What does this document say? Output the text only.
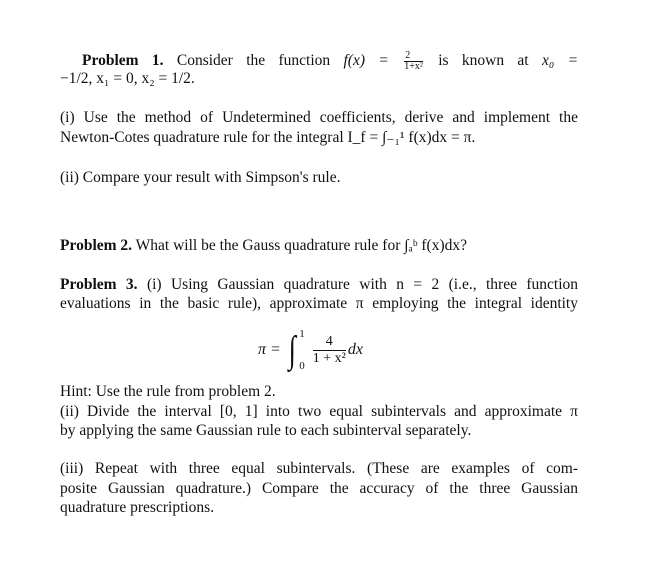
Problem 1. Consider the function $f(x) = \frac{2}{\text{1+x²}}$ is known at x₀ =
−1/2, x₁ = 0, x₂ = 1/2.
(i) Use the method of Undetermined coefficients, derive and implement the
Newton-Cotes quadrature rule for the integral I_f = ∫₋₁¹ f(x)dx = π.
(ii) Compare your result with Simpson's rule.
Problem 2. What will be the Gauss quadrature rule for ∫ₐᵇ f(x)dx?
Problem 3. (i) Using Gaussian quadrature with n = 2 (i.e., three function
evaluations in the basic rule), approximate π employing the integral identity
π = ∫ 1
$0 \frac{4}{\text{1 + x²}}$ dx
Hint: Use the rule from problem 2.
(ii) Divide the interval [0, 1] into two equal subintervals and approximate π
by applying the same Gaussian rule to each subinterval separately.
(iii) Repeat with three equal subintervals. (These are examples of com-
posite Gaussian quadrature.) Compare the accuracy of the three Gaussian
quadrature prescriptions.
